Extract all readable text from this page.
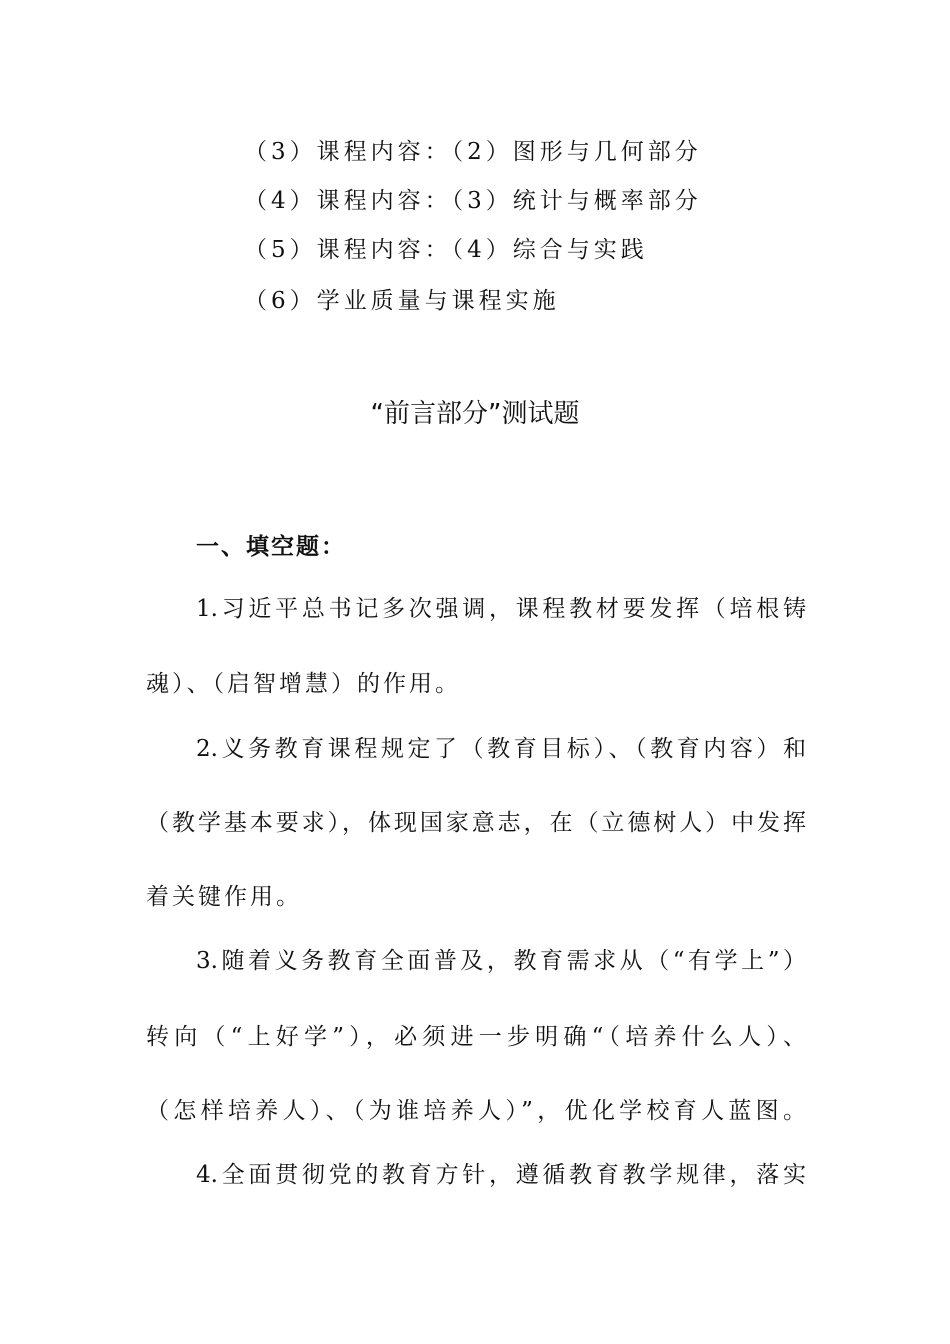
（3）课程内容：（2）图形与几何部分
（4）课程内容：（3）统计与概率部分
（5）课程内容：（4）综合与实践
（6）学业质量与课程实施
“前言部分”测试题
一、填空题：
1.习近平总书记多次强调，课程教材要发挥（培根铸
魂）、（启智增慧）的作用。
2.义务教育课程规定了（教育目标）、（教育内容）和
（教学基本要求），体现国家意志，在（立德树人）中发挥
着关键作用。
3.随着义务教育全面普及，教育需求从（“有学上”）
转向（“上好学”），必须进一步明确“（培养什么人）、
（怎样培养人）、（为谁培养人）”，优化学校育人蓝图。
4.全面贯彻党的教育方针，遵循教育教学规律，落实
